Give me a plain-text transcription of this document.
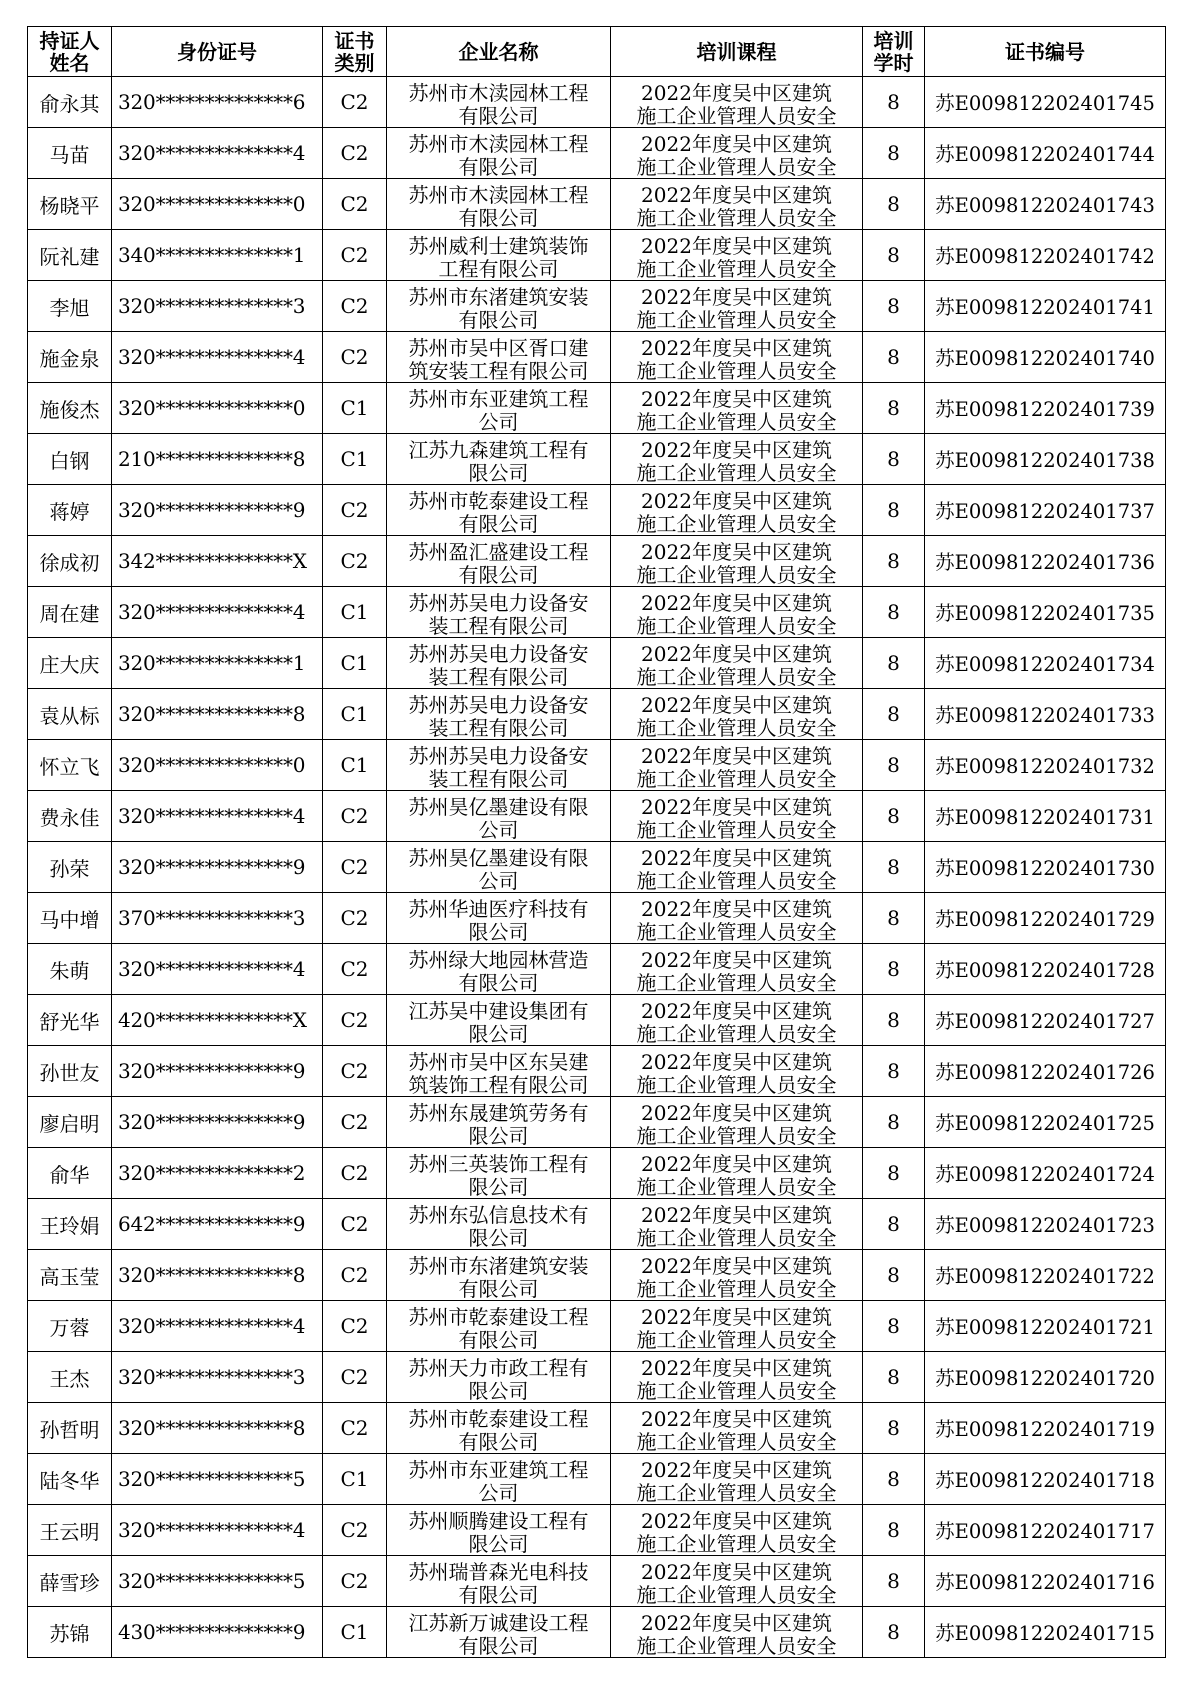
持证人姓名	身份证号	证书类别	企业名称	培训课程	培训学时	证书编号
俞永其	320**************6	C2	苏州市木渎园林工程有限公司	2022年度吴中区建筑施工企业管理人员安全	8	苏E009812202401745
马苗	320**************4	C2	苏州市木渎园林工程有限公司	2022年度吴中区建筑施工企业管理人员安全	8	苏E009812202401744
杨晓平	320**************0	C2	苏州市木渎园林工程有限公司	2022年度吴中区建筑施工企业管理人员安全	8	苏E009812202401743
阮礼建	340**************1	C2	苏州威利士建筑装饰工程有限公司	2022年度吴中区建筑施工企业管理人员安全	8	苏E009812202401742
李旭	320**************3	C2	苏州市东渚建筑安装有限公司	2022年度吴中区建筑施工企业管理人员安全	8	苏E009812202401741
施金泉	320**************4	C2	苏州市吴中区胥口建筑安装工程有限公司	2022年度吴中区建筑施工企业管理人员安全	8	苏E009812202401740
施俊杰	320**************0	C1	苏州市东亚建筑工程公司	2022年度吴中区建筑施工企业管理人员安全	8	苏E009812202401739
白钢	210**************8	C1	江苏九森建筑工程有限公司	2022年度吴中区建筑施工企业管理人员安全	8	苏E009812202401738
蒋婷	320**************9	C2	苏州市乾泰建设工程有限公司	2022年度吴中区建筑施工企业管理人员安全	8	苏E009812202401737
徐成初	342**************X	C2	苏州盈汇盛建设工程有限公司	2022年度吴中区建筑施工企业管理人员安全	8	苏E009812202401736
周在建	320**************4	C1	苏州苏吴电力设备安装工程有限公司	2022年度吴中区建筑施工企业管理人员安全	8	苏E009812202401735
庄大庆	320**************1	C1	苏州苏吴电力设备安装工程有限公司	2022年度吴中区建筑施工企业管理人员安全	8	苏E009812202401734
袁从标	320**************8	C1	苏州苏吴电力设备安装工程有限公司	2022年度吴中区建筑施工企业管理人员安全	8	苏E009812202401733
怀立飞	320**************0	C1	苏州苏吴电力设备安装工程有限公司	2022年度吴中区建筑施工企业管理人员安全	8	苏E009812202401732
费永佳	320**************4	C2	苏州昊亿墨建设有限公司	2022年度吴中区建筑施工企业管理人员安全	8	苏E009812202401731
孙荣	320**************9	C2	苏州昊亿墨建设有限公司	2022年度吴中区建筑施工企业管理人员安全	8	苏E009812202401730
马中增	370**************3	C2	苏州华迪医疗科技有限公司	2022年度吴中区建筑施工企业管理人员安全	8	苏E009812202401729
朱萌	320**************4	C2	苏州绿大地园林营造有限公司	2022年度吴中区建筑施工企业管理人员安全	8	苏E009812202401728
舒光华	420**************X	C2	江苏吴中建设集团有限公司	2022年度吴中区建筑施工企业管理人员安全	8	苏E009812202401727
孙世友	320**************9	C2	苏州市吴中区东吴建筑装饰工程有限公司	2022年度吴中区建筑施工企业管理人员安全	8	苏E009812202401726
廖启明	320**************9	C2	苏州东晟建筑劳务有限公司	2022年度吴中区建筑施工企业管理人员安全	8	苏E009812202401725
俞华	320**************2	C2	苏州三英装饰工程有限公司	2022年度吴中区建筑施工企业管理人员安全	8	苏E009812202401724
王玲娟	642**************9	C2	苏州东弘信息技术有限公司	2022年度吴中区建筑施工企业管理人员安全	8	苏E009812202401723
高玉莹	320**************8	C2	苏州市东渚建筑安装有限公司	2022年度吴中区建筑施工企业管理人员安全	8	苏E009812202401722
万蓉	320**************4	C2	苏州市乾泰建设工程有限公司	2022年度吴中区建筑施工企业管理人员安全	8	苏E009812202401721
王杰	320**************3	C2	苏州天力市政工程有限公司	2022年度吴中区建筑施工企业管理人员安全	8	苏E009812202401720
孙哲明	320**************8	C2	苏州市乾泰建设工程有限公司	2022年度吴中区建筑施工企业管理人员安全	8	苏E009812202401719
陆冬华	320**************5	C1	苏州市东亚建筑工程公司	2022年度吴中区建筑施工企业管理人员安全	8	苏E009812202401718
王云明	320**************4	C2	苏州顺腾建设工程有限公司	2022年度吴中区建筑施工企业管理人员安全	8	苏E009812202401717
薛雪珍	320**************5	C2	苏州瑞普森光电科技有限公司	2022年度吴中区建筑施工企业管理人员安全	8	苏E009812202401716
苏锦	430**************9	C1	江苏新万诚建设工程有限公司	2022年度吴中区建筑施工企业管理人员安全	8	苏E009812202401715
